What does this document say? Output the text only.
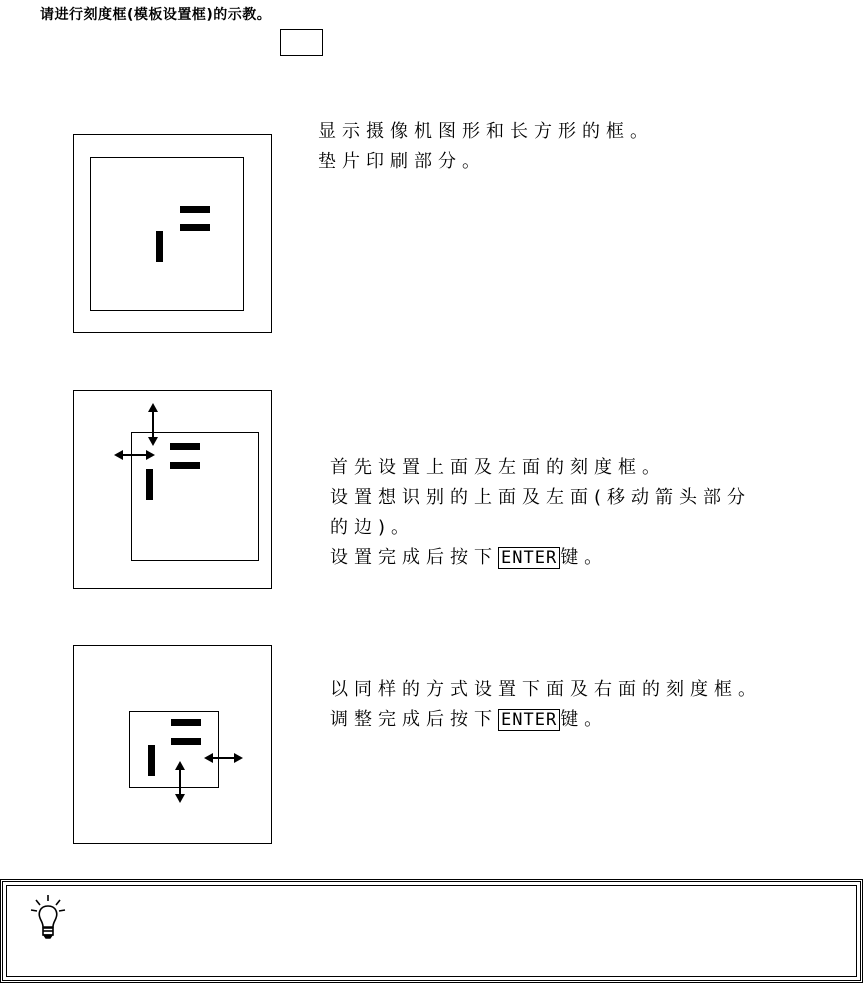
请进行刻度框(模板设置框)的示教。
显示摄像机图形和长方形的框。
垫片印刷部分。
首先设置上面及左面的刻度框。
设置想识别的上面及左面(移动箭头部分
的边)。
设置完成后按下 ENTER 键。
以同样的方式设置下面及右面的刻度框。
调整完成后按下 ENTER 键。
